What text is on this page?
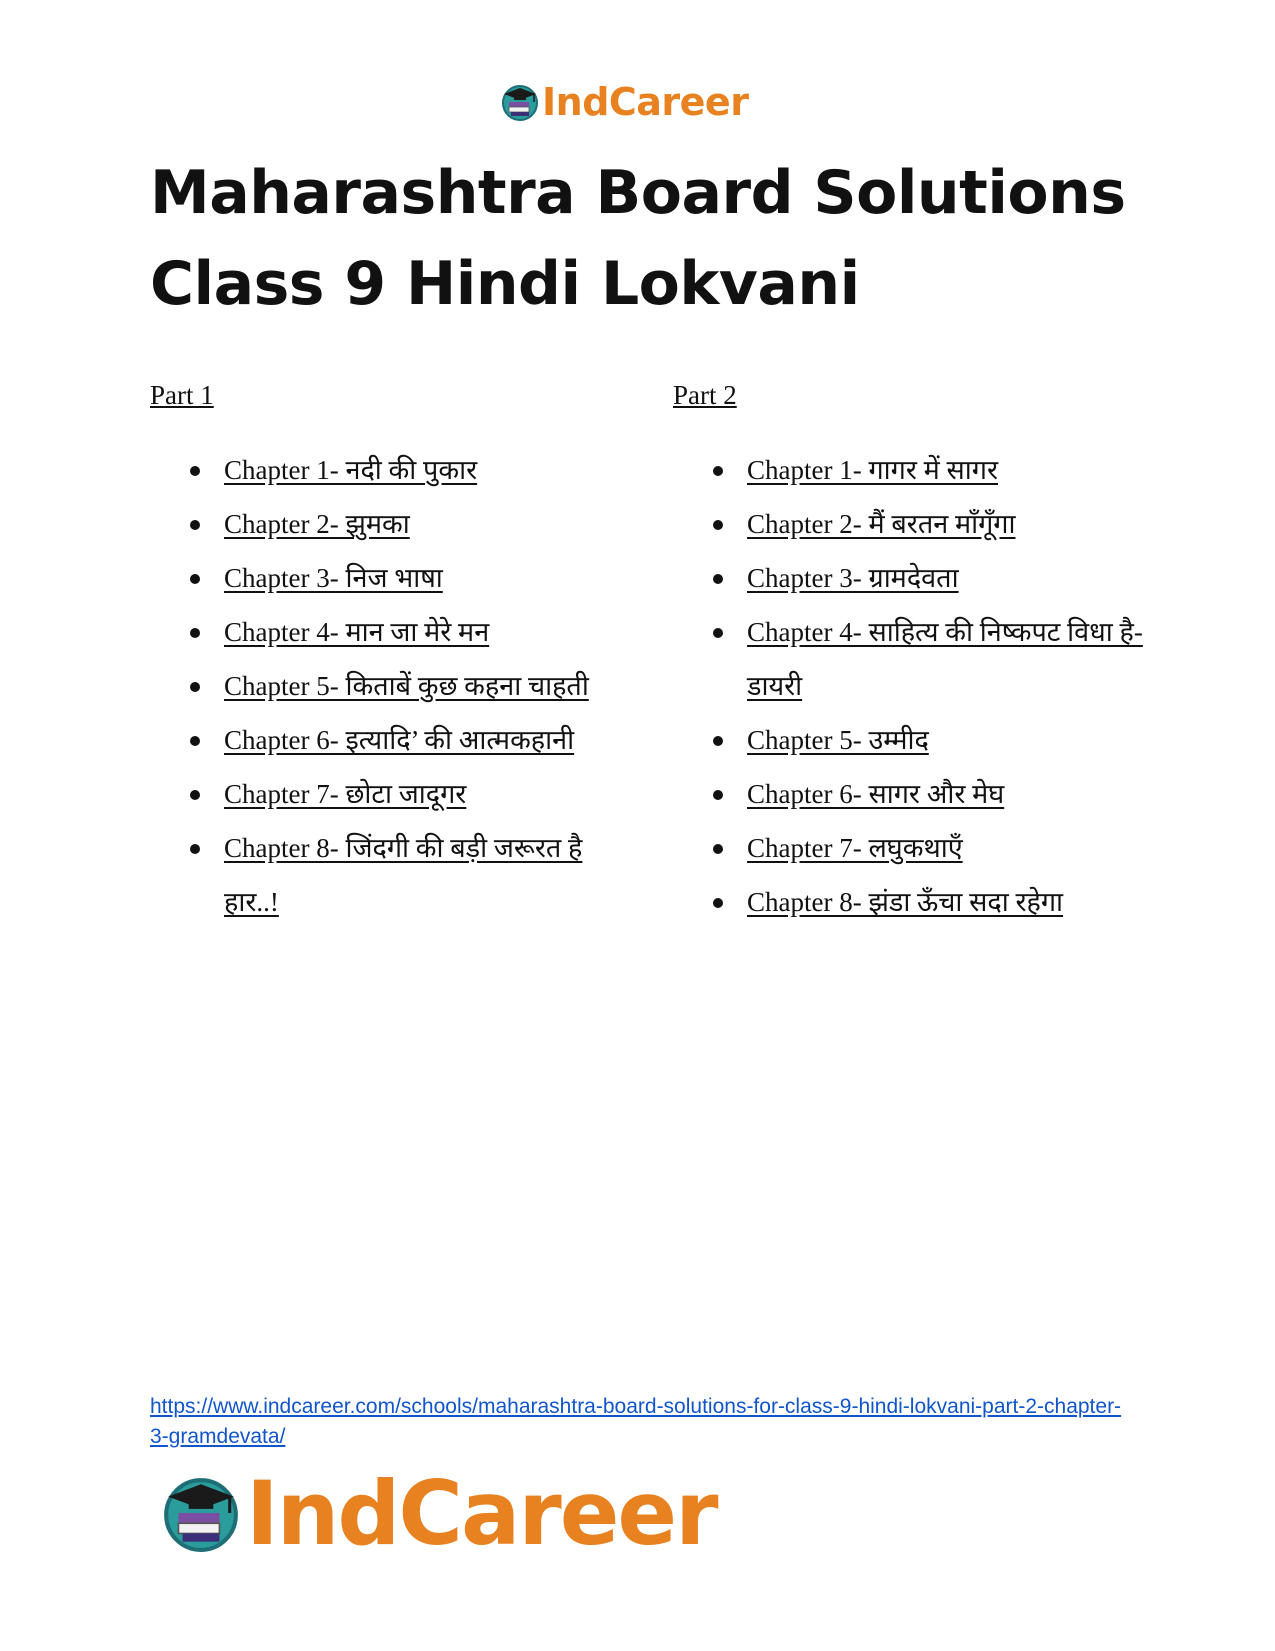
IndCareer
Maharashtra Board Solutions
Class 9 Hindi Lokvani
Part 1
Chapter 1- नदी की पुकार
Chapter 2- झुमका
Chapter 3- निज भाषा
Chapter 4- मान जा मेरे मन
Chapter 5- किताबें कुछ कहना चाहती
Chapter 6- इत्यादि’ की आत्मकहानी
Chapter 7- छोटा जादूगर
Chapter 8- जिंदगी की बड़ी जरूरत है हार..!
Part 2
Chapter 1- गागर में सागर
Chapter 2- मैं बरतन माँगूँगा
Chapter 3- ग्रामदेवता
Chapter 4- साहित्य की निष्कपट विधा है-डायरी
Chapter 5- उम्मीद
Chapter 6- सागर और मेघ
Chapter 7- लघुकथाएँ
Chapter 8- झंडा ऊँचा सदा रहेगा
https://www.indcareer.com/schools/maharashtra-board-solutions-for-class-9-hindi-lokvani-part-2-chapter-3-gramdevata/
IndCareer
